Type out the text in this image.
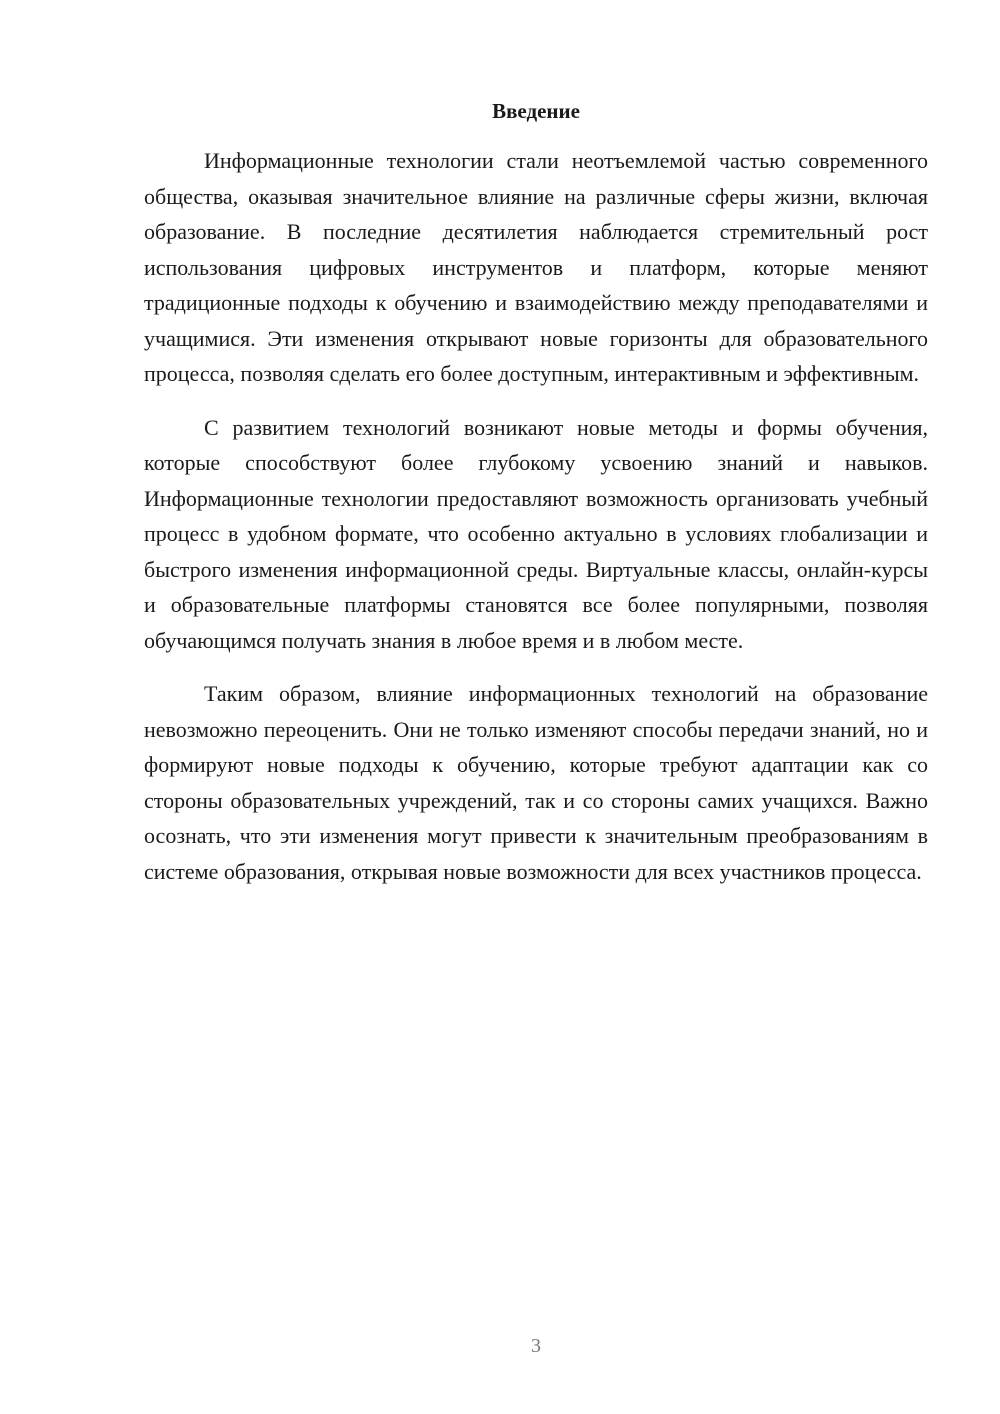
Введение

Информационные технологии стали неотъемлемой частью современного общества, оказывая значительное влияние на различные сферы жизни, включая образование. В последние десятилетия наблюдается стремительный рост использования цифровых инструментов и платформ, которые меняют традиционные подходы к обучению и взаимодействию между преподавателями и учащимися. Эти изменения открывают новые горизонты для образовательного процесса, позволяя сделать его более доступным, интерактивным и эффективным.

С развитием технологий возникают новые методы и формы обучения, которые способствуют более глубокому усвоению знаний и навыков. Информационные технологии предоставляют возможность организовать учебный процесс в удобном формате, что особенно актуально в условиях глобализации и быстрого изменения информационной среды. Виртуальные классы, онлайн-курсы и образовательные платформы становятся все более популярными, позволяя обучающимся получать знания в любое время и в любом месте.

Таким образом, влияние информационных технологий на образование невозможно переоценить. Они не только изменяют способы передачи знаний, но и формируют новые подходы к обучению, которые требуют адаптации как со стороны образовательных учреждений, так и со стороны самих учащихся. Важно осознать, что эти изменения могут привести к значительным преобразованиям в системе образования, открывая новые возможности для всех участников процесса.

3
